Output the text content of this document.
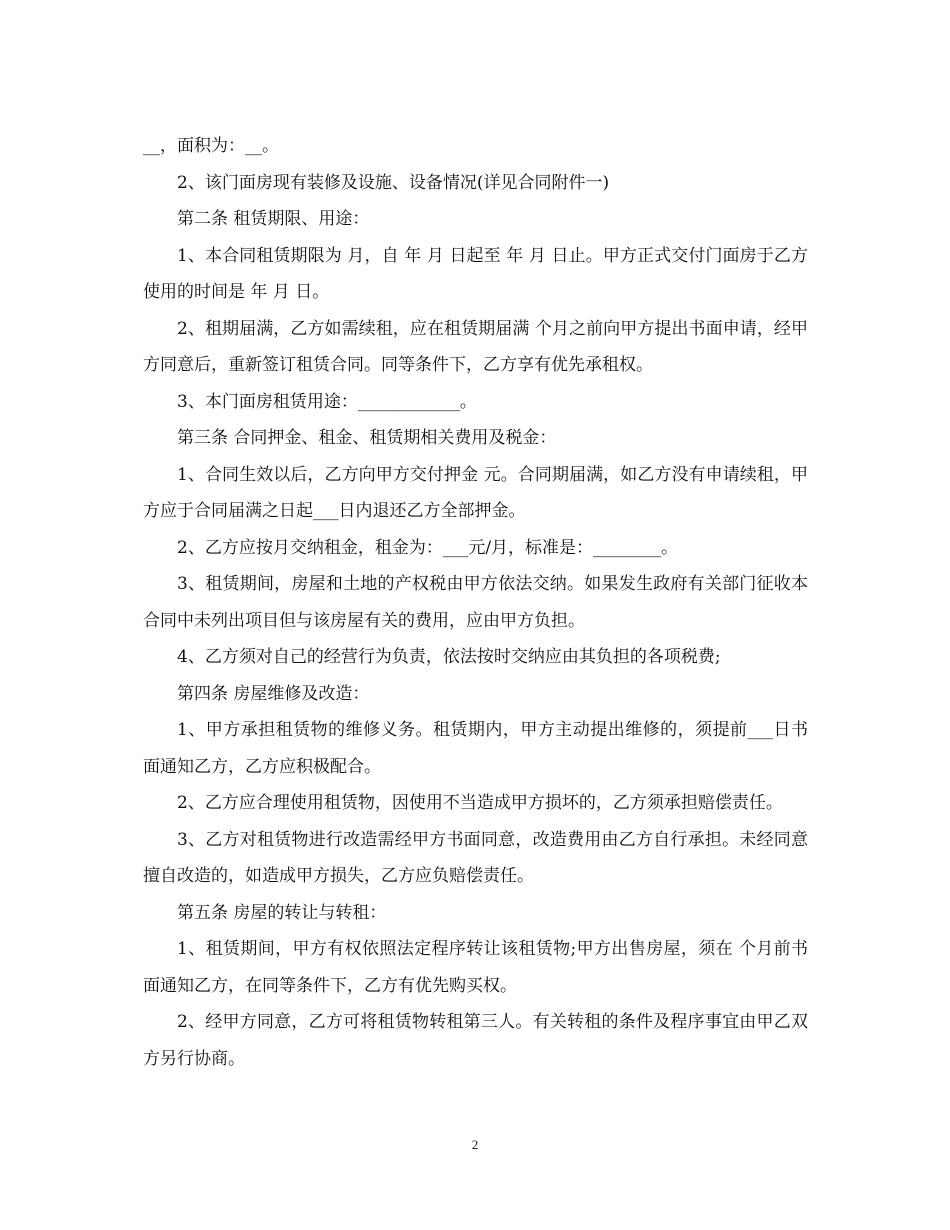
__，面积为：__。

2、该门面房现有装修及设施、设备情况(详见合同附件一)

第二条 租赁期限、用途：

1、本合同租赁期限为 月，自 年 月 日起至 年 月 日止。甲方正式交付门面房于乙方使用的时间是 年 月 日。

2、租期届满，乙方如需续租，应在租赁期届满 个月之前向甲方提出书面申请，经甲方同意后，重新签订租赁合同。同等条件下，乙方享有优先承租权。

3、本门面房租赁用途：____________。

第三条 合同押金、租金、租赁期相关费用及税金：

1、合同生效以后，乙方向甲方交付押金 元。合同期届满，如乙方没有申请续租，甲方应于合同届满之日起___日内退还乙方全部押金。

2、乙方应按月交纳租金，租金为：___元/月，标准是：________。

3、租赁期间，房屋和土地的产权税由甲方依法交纳。如果发生政府有关部门征收本合同中未列出项目但与该房屋有关的费用，应由甲方负担。

4、乙方须对自己的经营行为负责，依法按时交纳应由其负担的各项税费;

第四条 房屋维修及改造：

1、甲方承担租赁物的维修义务。租赁期内，甲方主动提出维修的，须提前___日书面通知乙方，乙方应积极配合。

2、乙方应合理使用租赁物，因使用不当造成甲方损坏的，乙方须承担赔偿责任。

3、乙方对租赁物进行改造需经甲方书面同意，改造费用由乙方自行承担。未经同意擅自改造的，如造成甲方损失，乙方应负赔偿责任。

第五条 房屋的转让与转租：

1、租赁期间，甲方有权依照法定程序转让该租赁物;甲方出售房屋，须在 个月前书面通知乙方，在同等条件下，乙方有优先购买权。

2、经甲方同意，乙方可将租赁物转租第三人。有关转租的条件及程序事宜由甲乙双方另行协商。

2
